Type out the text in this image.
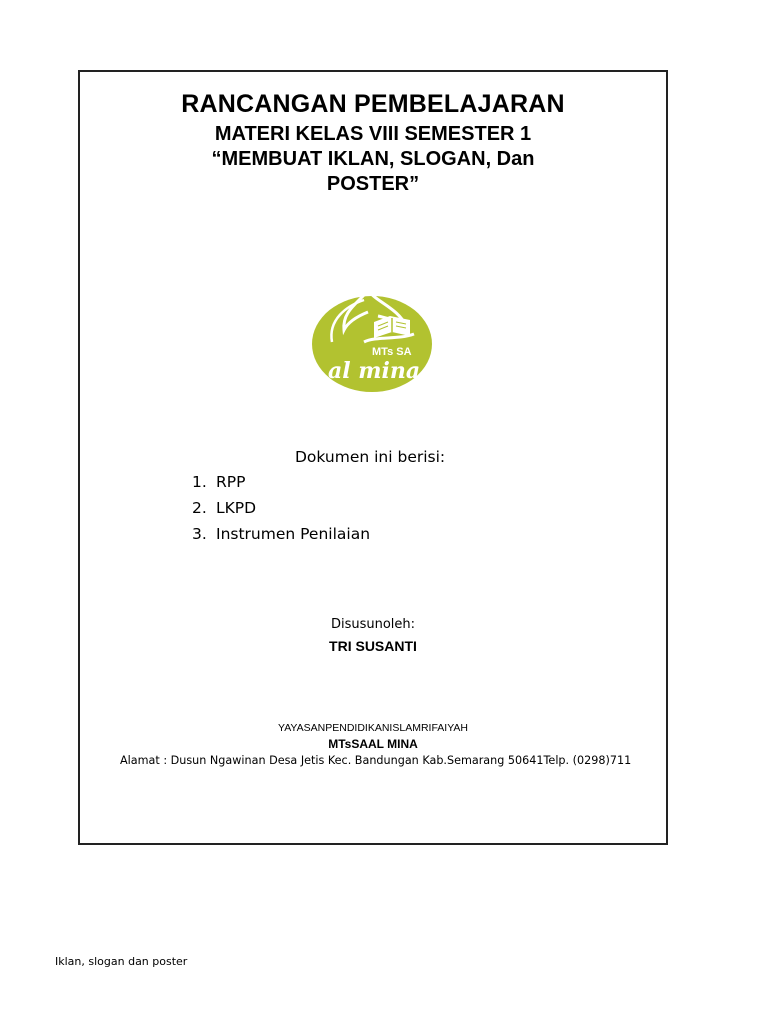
RANCANGAN PEMBELAJARAN
MATERI KELAS VIII SEMESTER 1
“MEMBUAT IKLAN, SLOGAN, Dan
POSTER”
MTs SA
al mina
Dokumen ini berisi:
1. RPP
2. LKPD
3. Instrumen Penilaian
Disusunoleh:
TRI SUSANTI
YAYASANPENDIDIKANISLAMRIFAIYAH
MTsSAAL MINA
Alamat : Dusun Ngawinan Desa Jetis Kec. Bandungan Kab.Semarang 50641Telp. (0298)711
Iklan, slogan dan poster
